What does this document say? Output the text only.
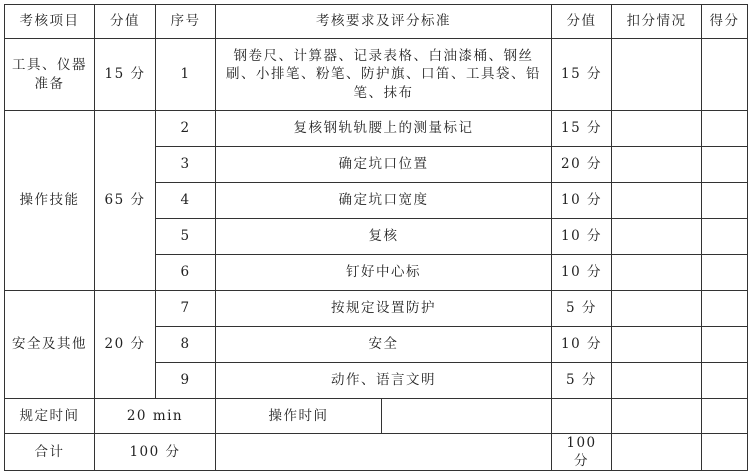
考核项目	分值	序号	考核要求及评分标准		分值	扣分情况	得分
工具、仪器准备	15 分	1	钢卷尺、计算器、记录表格、白油漆桶、钢丝刷、小排笔、粉笔、防护旗、口笛、工具袋、铅笔、抹布		15 分		
操作技能	65 分	2	复核钢轨轨腰上的测量标记		15 分		
		3	确定坑口位置		20 分		
		4	确定坑口宽度		10 分		
		5	复核		10 分		
		6	钉好中心标		10 分		
安全及其他	20 分	7	按规定设置防护		5 分		
		8	安全		10 分		
		9	动作、语言文明		5 分		
规定时间	20 min		操作时间				
合计	100 分				100 分		
